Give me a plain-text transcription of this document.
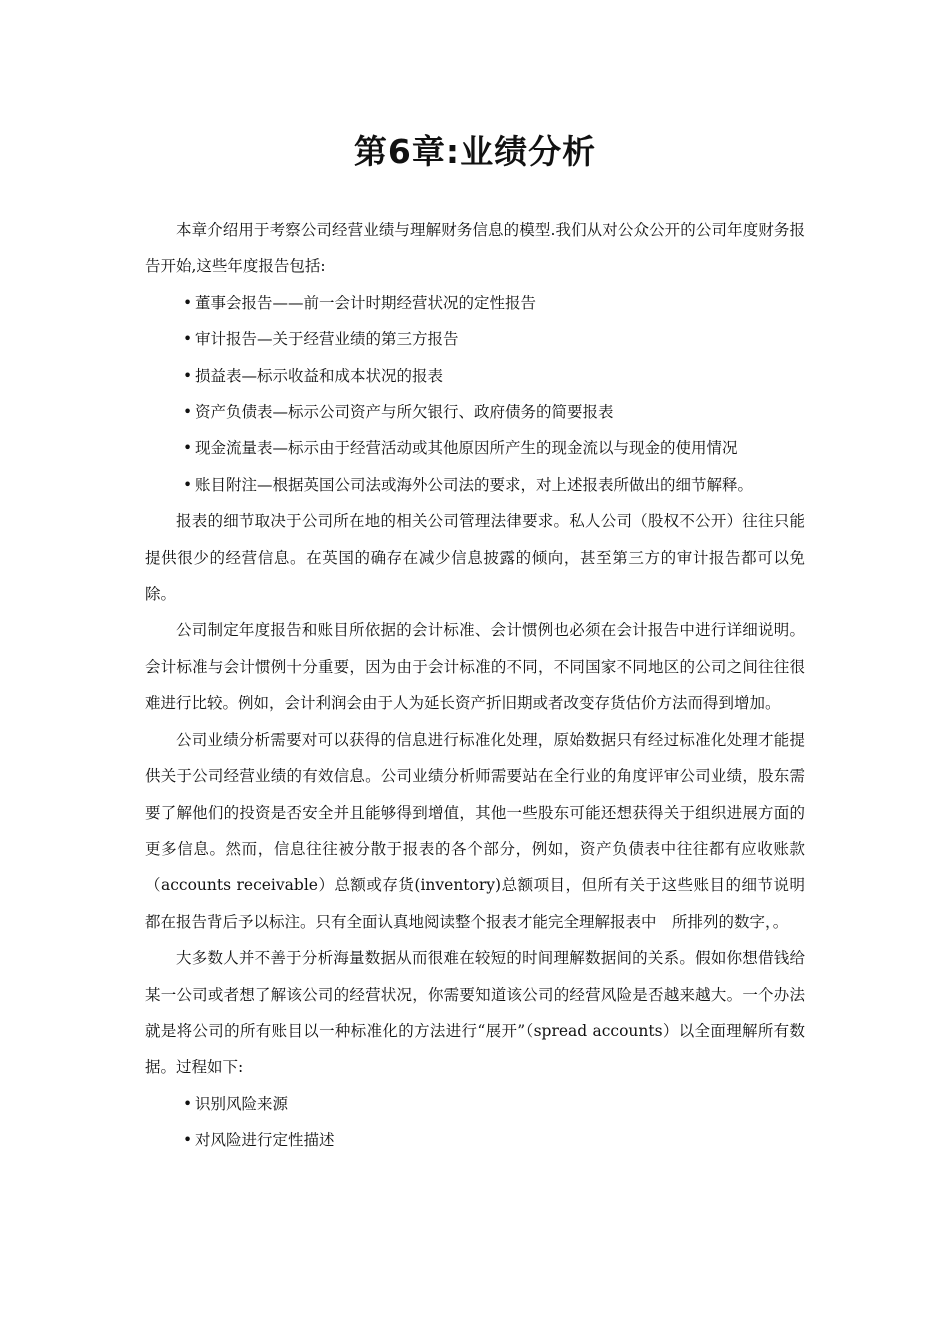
第6章:业绩分析

本章介绍用于考察公司经营业绩与理解财务信息的模型.我们从对公众公开的公司年度财务报告开始,这些年度报告包括:

• 董事会报告——前一会计时期经营状况的定性报告
• 审计报告—关于经营业绩的第三方报告
• 损益表—标示收益和成本状况的报表
• 资产负债表—标示公司资产与所欠银行、政府债务的简要报表
• 现金流量表—标示由于经营活动或其他原因所产生的现金流以与现金的使用情况
• 账目附注—根据英国公司法或海外公司法的要求，对上述报表所做出的细节解释。

报表的细节取决于公司所在地的相关公司管理法律要求。私人公司（股权不公开）往往只能提供很少的经营信息。在英国的确存在减少信息披露的倾向，甚至第三方的审计报告都可以免除。

公司制定年度报告和账目所依据的会计标准、会计惯例也必须在会计报告中进行详细说明。会计标准与会计惯例十分重要，因为由于会计标准的不同，不同国家不同地区的公司之间往往很难进行比较。例如，会计利润会由于人为延长资产折旧期或者改变存货估价方法而得到增加。

公司业绩分析需要对可以获得的信息进行标准化处理，原始数据只有经过标准化处理才能提供关于公司经营业绩的有效信息。公司业绩分析师需要站在全行业的角度评审公司业绩，股东需要了解他们的投资是否安全并且能够得到增值，其他一些股东可能还想获得关于组织进展方面的更多信息。然而，信息往往被分散于报表的各个部分，例如，资产负债表中往往都有应收账款（accounts receivable）总额或存货(inventory)总额项目，但所有关于这些账目的细节说明都在报告背后予以标注。只有全面认真地阅读整个报表才能完全理解报表中　所排列的数字，。

大多数人并不善于分析海量数据从而很难在较短的时间理解数据间的关系。假如你想借钱给某一公司或者想了解该公司的经营状况，你需要知道该公司的经营风险是否越来越大。一个办法就是将公司的所有账目以一种标准化的方法进行“展开”（spread accounts）以全面理解所有数据。过程如下:

• 识别风险来源
• 对风险进行定性描述
